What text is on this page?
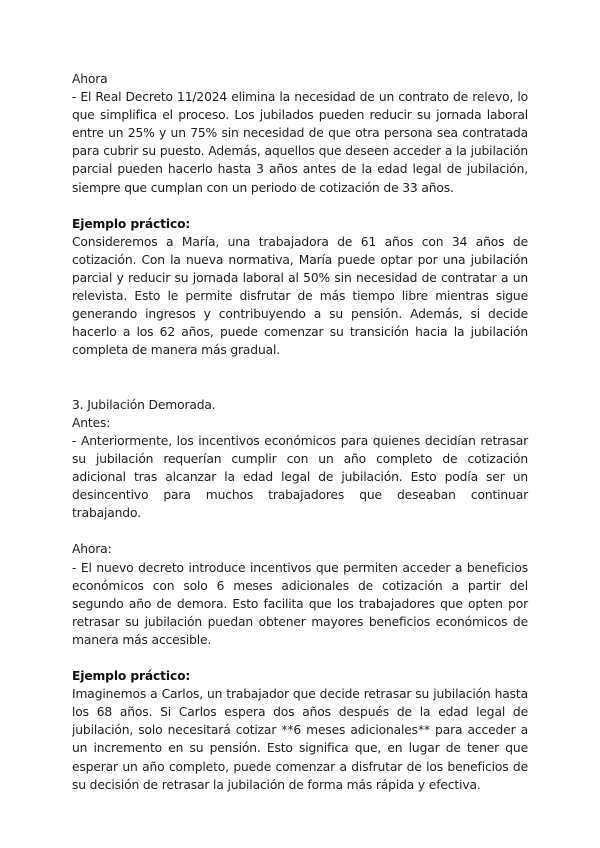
Ahora

- El Real Decreto 11/2024 elimina la necesidad de un contrato de relevo, lo que simplifica el proceso. Los jubilados pueden reducir su jornada laboral entre un 25% y un 75% sin necesidad de que otra persona sea contratada para cubrir su puesto. Además, aquellos que deseen acceder a la jubilación parcial pueden hacerlo hasta 3 años antes de la edad legal de jubilación, siempre que cumplan con un periodo de cotización de 33 años.

Ejemplo práctico:

Consideremos a María, una trabajadora de 61 años con 34 años de cotización. Con la nueva normativa, María puede optar por una jubilación parcial y reducir su jornada laboral al 50% sin necesidad de contratar a un relevista. Esto le permite disfrutar de más tiempo libre mientras sigue generando ingresos y contribuyendo a su pensión. Además, si decide hacerlo a los 62 años, puede comenzar su transición hacia la jubilación completa de manera más gradual.

3. Jubilación Demorada.
Antes:

- Anteriormente, los incentivos económicos para quienes decidían retrasar su jubilación requerían cumplir con un año completo de cotización adicional tras alcanzar la edad legal de jubilación. Esto podía ser un desincentivo para muchos trabajadores que deseaban continuar trabajando.

Ahora:

- El nuevo decreto introduce incentivos que permiten acceder a beneficios económicos con solo 6 meses adicionales de cotización a partir del segundo año de demora. Esto facilita que los trabajadores que opten por retrasar su jubilación puedan obtener mayores beneficios económicos de manera más accesible.

Ejemplo práctico:

Imaginemos a Carlos, un trabajador que decide retrasar su jubilación hasta los 68 años. Si Carlos espera dos años después de la edad legal de jubilación, solo necesitará cotizar **6 meses adicionales** para acceder a un incremento en su pensión. Esto significa que, en lugar de tener que esperar un año completo, puede comenzar a disfrutar de los beneficios de su decisión de retrasar la jubilación de forma más rápida y efectiva.
